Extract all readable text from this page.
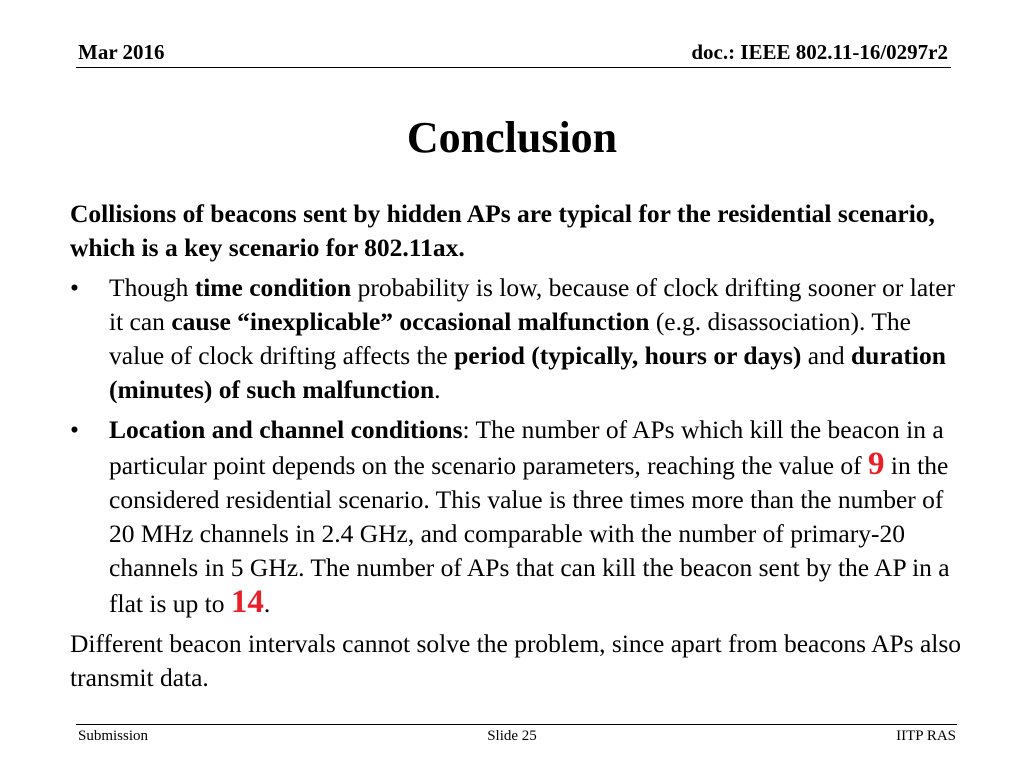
Mar 2016	doc.: IEEE 802.11-16/0297r2
Conclusion

Collisions of beacons sent by hidden APs are typical for the residential scenario, which is a key scenario for 802.11ax.

• Though time condition probability is low, because of clock drifting sooner or later it can cause “inexplicable” occasional malfunction (e.g. disassociation). The value of clock drifting affects the period (typically, hours or days) and duration (minutes) of such malfunction.

• Location and channel conditions: The number of APs which kill the beacon in a particular point depends on the scenario parameters, reaching the value of 9 in the considered residential scenario. This value is three times more than the number of 20 MHz channels in 2.4 GHz, and comparable with the number of primary-20 channels in 5 GHz. The number of APs that can kill the beacon sent by the AP in a flat is up to 14.

Different beacon intervals cannot solve the problem, since apart from beacons APs also transmit data.

Submission	Slide 25	IITP RAS
